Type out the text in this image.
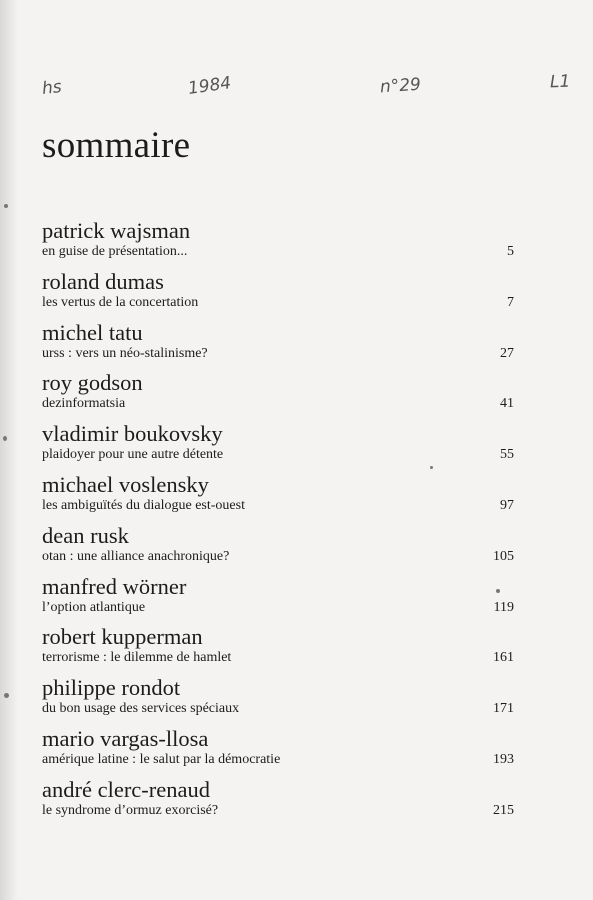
hs	1984	n°29	L1
sommaire
patrick wajsman
en guise de présentation...	5
roland dumas
les vertus de la concertation	7
michel tatu
urss : vers un néo-stalinisme?	27
roy godson
dezinformatsia	41
vladimir boukovsky
plaidoyer pour une autre détente	55
michael voslensky
les ambiguïtés du dialogue est-ouest	97
dean rusk
otan : une alliance anachronique?	105
manfred wörner
l’option atlantique	119
robert kupperman
terrorisme : le dilemme de hamlet	161
philippe rondot
du bon usage des services spéciaux	171
mario vargas-llosa
amérique latine : le salut par la démocratie	193
andré clerc-renaud
le syndrome d’ormuz exorcisé?	215
